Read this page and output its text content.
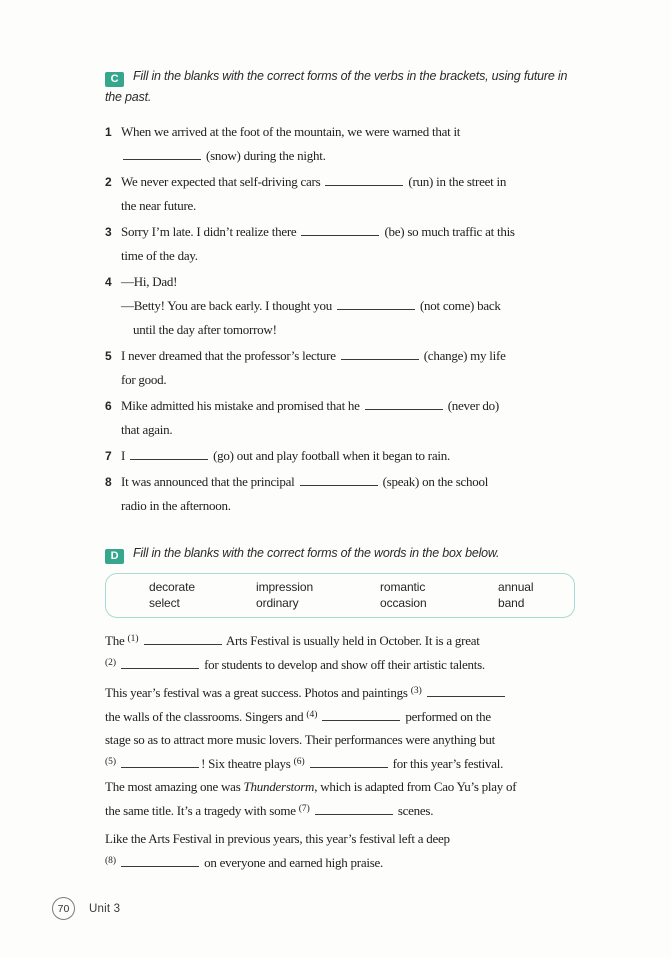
C Fill in the blanks with the correct forms of the verbs in the brackets, using future in the past.
1 When we arrived at the foot of the mountain, we were warned that it
(snow) during the night.
2 We never expected that self-driving cars	(run) in the street in
the near future.
3 Sorry I’m late. I didn’t realize there	(be) so much traffic at this
time of the day.
4 —Hi, Dad!
—Betty! You are back early. I thought you	(not come) back
until the day after tomorrow!
5 I never dreamed that the professor’s lecture	(change) my life
for good.
6 Mike admitted his mistake and promised that he	(never do)
that again.
7 I	(go) out and play football when it began to rain.
8 It was announced that the principal	(speak) on the school
radio in the afternoon.
D Fill in the blanks with the correct forms of the words in the box below.
decorate	impression	romantic	annual
select	ordinary	occasion	band
The $^{(1)}$	Arts Festival is usually held in October. It is a great
$^{(2)}$	for students to develop and show off their artistic talents.
This year’s festival was a great success. Photos and paintings $^{(3)}$
the walls of the classrooms. Singers and $^{(4)}$	performed on the
stage so as to attract more music lovers. Their performances were anything but
$^{(5)}$	! Six theatre plays $^{(6)}$	for this year’s festival.
The most amazing one was Thunderstorm, which is adapted from Cao Yu’s play of
the same title. It’s a tragedy with some $^{(7)}$	scenes.
Like the Arts Festival in previous years, this year’s festival left a deep
$^{(8)}$	on everyone and earned high praise.
70	Unit 3
